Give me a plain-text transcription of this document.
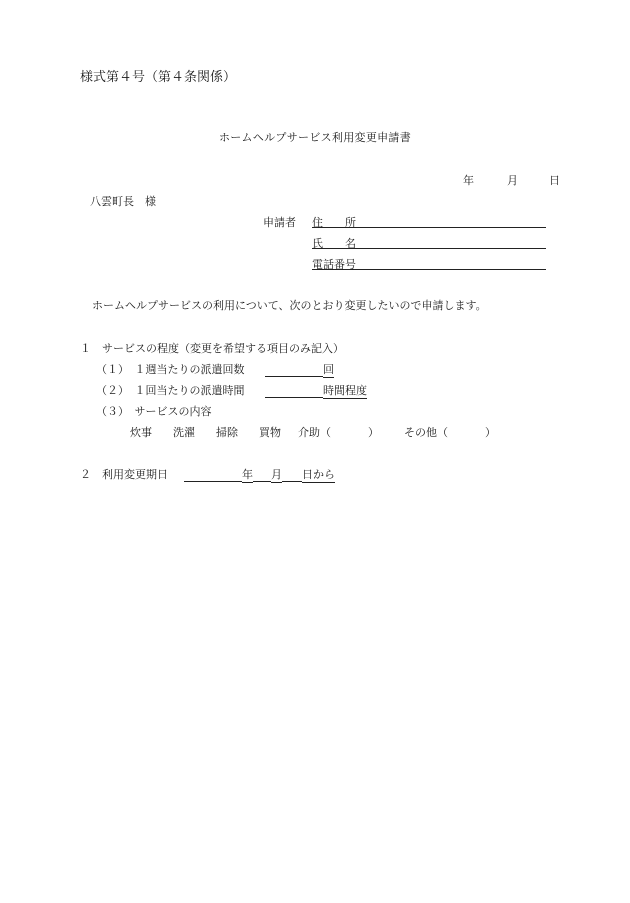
様式第４号（第４条関係）
ホームヘルプサービス利用変更申請書
年	月	日
八雲町長　様
申請者 住　　所
氏　　名
電話番号
ホームヘルプサービスの利用について、次のとおり変更したいので申請します。
１　サービスの程度（変更を希望する項目のみ記入）
（１）　１週当たりの派遣回数	回
（２）　１回当たりの派遣時間	時間程度
（３）　サービスの内容
炊事 洗濯 掃除 買物 介助（	） その他（	）
２　利用変更期日	年 月 日から
